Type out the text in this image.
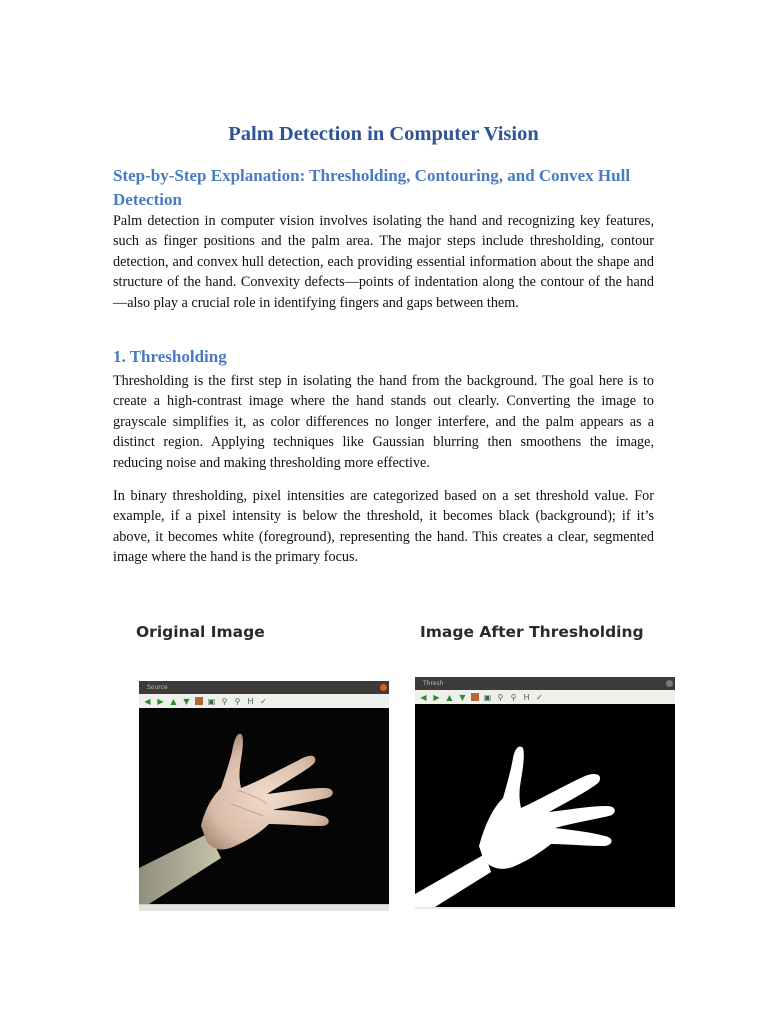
Palm Detection in Computer Vision
Step-by-Step Explanation: Thresholding, Contouring, and Convex Hull Detection

Palm detection in computer vision involves isolating the hand and recognizing key features, such as finger positions and the palm area. The major steps include thresholding, contour detection, and convex hull detection, each providing essential information about the shape and structure of the hand. Convexity defects—points of indentation along the contour of the hand—also play a crucial role in identifying fingers and gaps between them.

1. Thresholding

Thresholding is the first step in isolating the hand from the background. The goal here is to create a high-contrast image where the hand stands out clearly. Converting the image to grayscale simplifies it, as color differences no longer interfere, and the palm appears as a distinct region. Applying techniques like Gaussian blurring then smoothens the image, reducing noise and making thresholding more effective.

In binary thresholding, pixel intensities are categorized based on a set threshold value. For example, if a pixel intensity is below the threshold, it becomes black (background); if it’s above, it becomes white (foreground), representing the hand. This creates a clear, segmented image where the hand is the primary focus.

Original Image	Image After Thresholding

Source
◀ ▶ ▲ ▼ ▣ ⚲ ⚲ H ✓
Thresh
◀ ▶ ▲ ▼ ▣ ⚲ ⚲ H ✓
